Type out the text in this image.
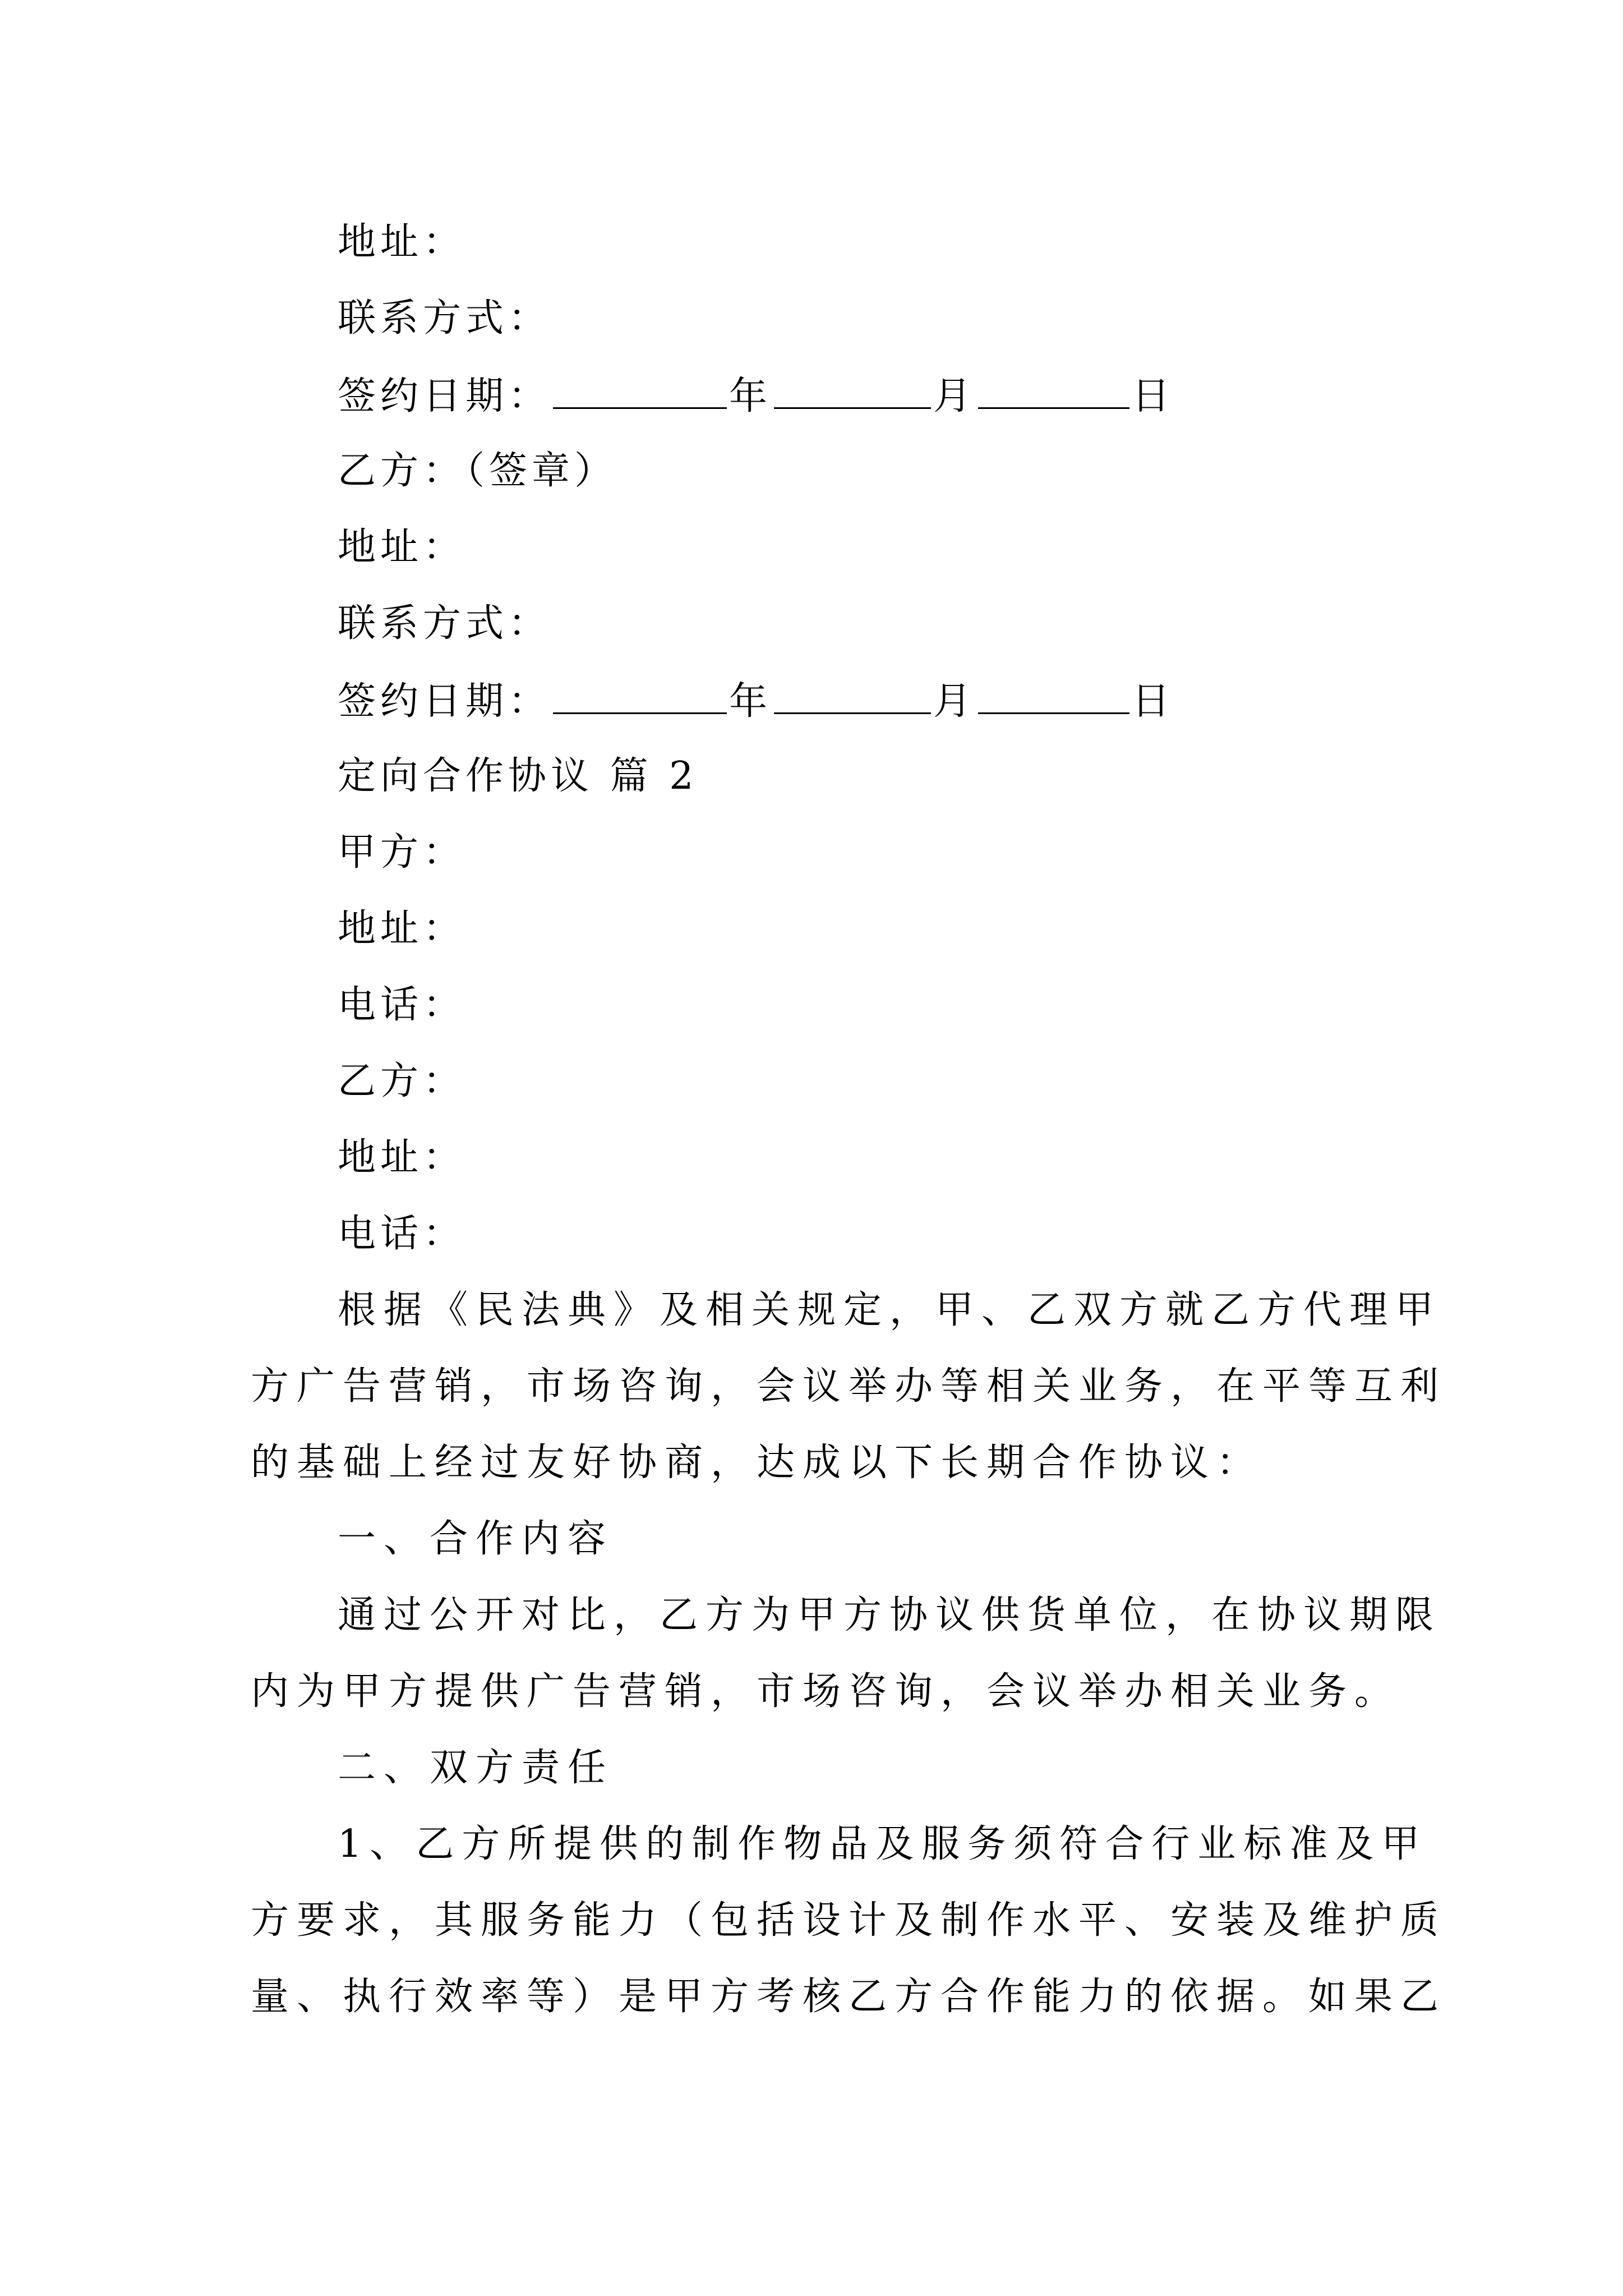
地址：
联系方式：
签约日期：	年	月	日
乙方：（签章）
地址：
联系方式：
签约日期：	年	月	日
定向合作协议 篇 2
甲方：
地址：
电话：
乙方：
地址：
电话：
根据《民法典》及相关规定，甲、乙双方就乙方代理甲
方广告营销，市场咨询，会议举办等相关业务，在平等互利
的基础上经过友好协商，达成以下长期合作协议：
一、合作内容
通过公开对比，乙方为甲方协议供货单位，在协议期限
内为甲方提供广告营销，市场咨询，会议举办相关业务。
二、双方责任
1、乙方所提供的制作物品及服务须符合行业标准及甲
方要求，其服务能力（包括设计及制作水平、安装及维护质
量、执行效率等）是甲方考核乙方合作能力的依据。如果乙
